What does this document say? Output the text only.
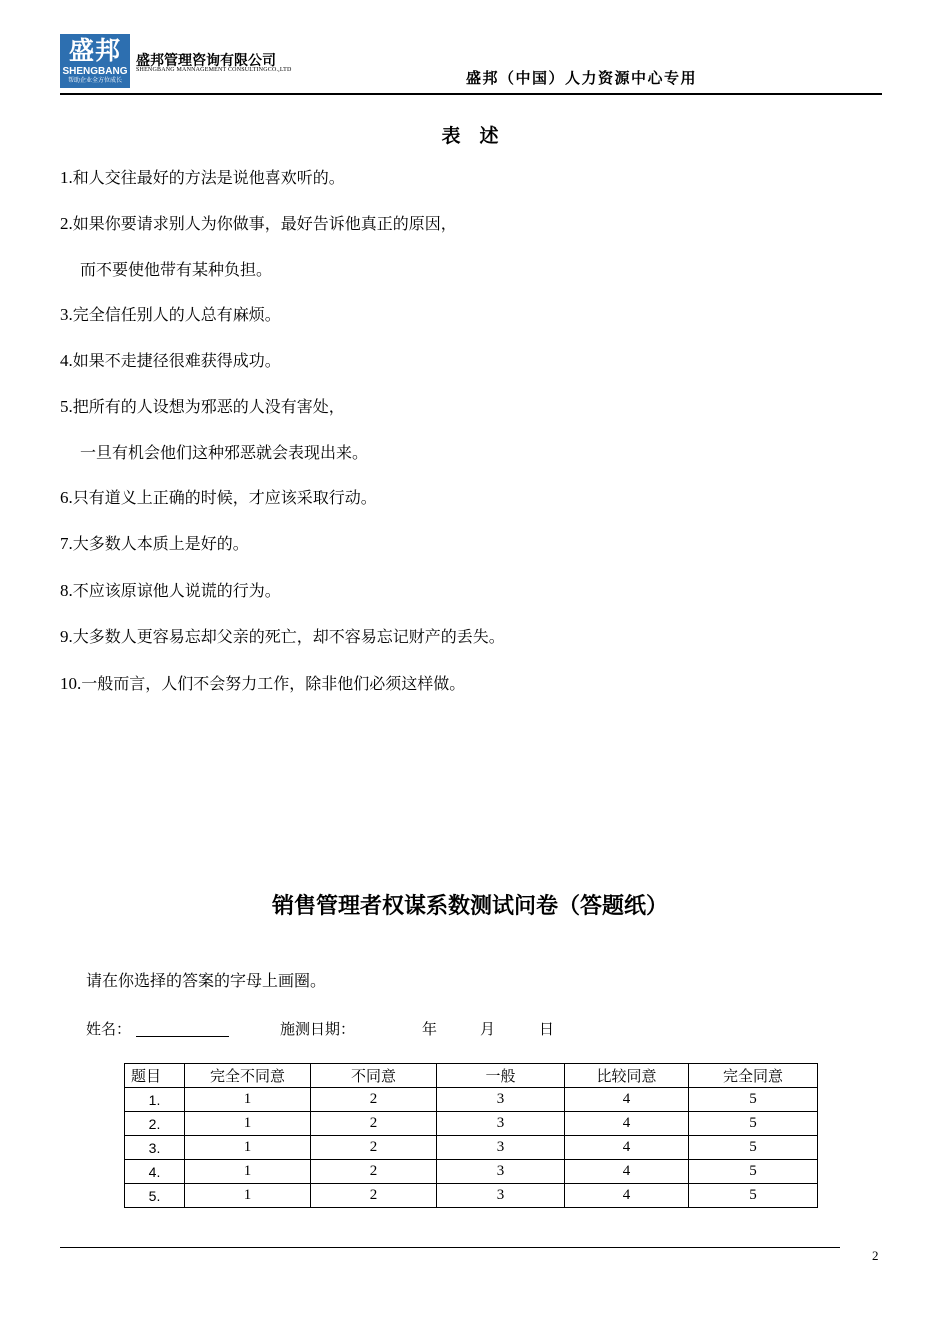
盛邦
SHENGBANG
帮助企业全方位成长
盛邦管理咨询有限公司
SHENGBANG MANNAGEMENT CONSULTINGCO.,LTD	盛邦（中国）人力资源中心专用
表　述
1.和人交往最好的方法是说他喜欢听的。
2.如果你要请求别人为你做事，最好告诉他真正的原因，
而不要使他带有某种负担。
3.完全信任别人的人总有麻烦。
4.如果不走捷径很难获得成功。
5.把所有的人设想为邪恶的人没有害处，
一旦有机会他们这种邪恶就会表现出来。
6.只有道义上正确的时候，才应该采取行动。
7.大多数人本质上是好的。
8.不应该原谅他人说谎的行为。
9.大多数人更容易忘却父亲的死亡，却不容易忘记财产的丢失。
10.一般而言，人们不会努力工作，除非他们必须这样做。
销售管理者权谋系数测试问卷（答题纸）
请在你选择的答案的字母上画圈。
姓名：	施测日期：	年	月	日
题目	完全不同意	不同意	一般	比较同意	完全同意
1.	1	2	3	4	5
2.	1	2	3	4	5
3.	1	2	3	4	5
4.	1	2	3	4	5
5.	1	2	3	4	5
2
